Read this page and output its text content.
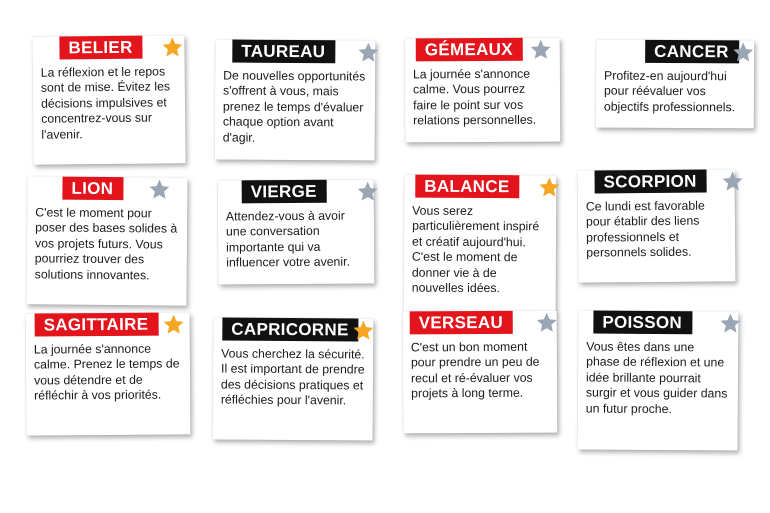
BELIER

La réflexion et le repos sont de mise. Évitez les décisions impulsives et concentrez-vous sur l'avenir.

TAUREAU

De nouvelles opportunités s'offrent à vous, mais prenez le temps d'évaluer chaque option avant d'agir.

GÉMEAUX

La journée s'annonce calme. Vous pourrez faire le point sur vos relations personnelles.

CANCER

Profitez-en aujourd'hui pour réévaluer vos objectifs professionnels.

LION

C'est le moment pour poser des bases solides à vos projets futurs. Vous pourriez trouver des solutions innovantes.

VIERGE

Attendez-vous à avoir une conversation importante qui va influencer votre avenir.

BALANCE

Vous serez particulièrement inspiré et créatif aujourd'hui. C'est le moment de donner vie à de nouvelles idées.

SCORPION

Ce lundi est favorable pour établir des liens professionnels et personnels solides.

SAGITTAIRE

La journée s'annonce calme. Prenez le temps de vous détendre et de réfléchir à vos priorités.

CAPRICORNE

Vous cherchez la sécurité. Il est important de prendre des décisions pratiques et réfléchies pour l'avenir.

VERSEAU

C'est un bon moment pour prendre un peu de recul et ré-évaluer vos projets à long terme.

POISSON

Vous êtes dans une phase de réflexion et une idée brillante pourrait surgir et vous guider dans un futur proche.
